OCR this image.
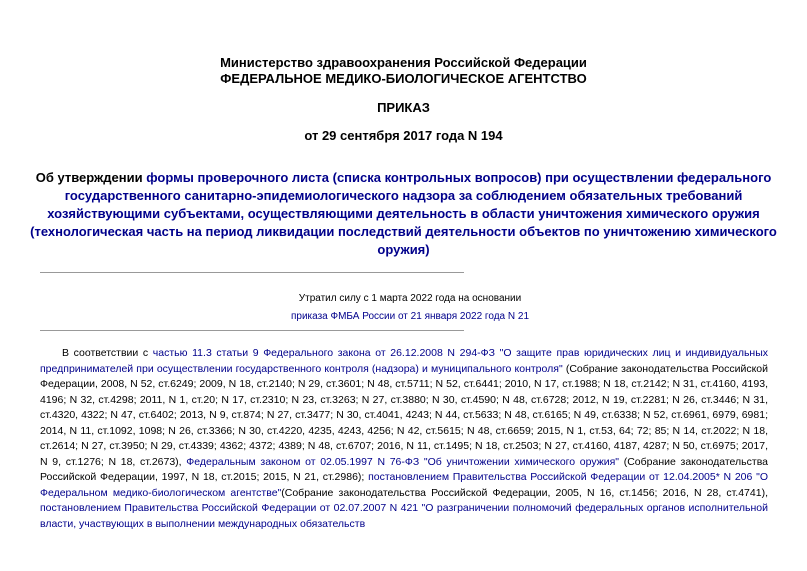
Министерство здравоохранения Российской Федерации
ФЕДЕРАЛЬНОЕ МЕДИКО-БИОЛОГИЧЕСКОЕ АГЕНТСТВО
ПРИКАЗ
от 29 сентября 2017 года N 194
Об утверждении формы проверочного листа (списка контрольных вопросов) при осуществлении федерального государственного санитарно-эпидемиологического надзора за соблюдением обязательных требований хозяйствующими субъектами, осуществляющими деятельность в области уничтожения химического оружия (технологическая часть на период ликвидации последствий деятельности объектов по уничтожению химического оружия)
Утратил силу с 1 марта 2022 года на основании
приказа ФМБА России от 21 января 2022 года N 21
В соответствии с частью 11.3 статьи 9 Федерального закона от 26.12.2008 N 294-ФЗ "О защите прав юридических лиц и индивидуальных предпринимателей при осуществлении государственного контроля (надзора) и муниципального контроля" (Собрание законодательства Российской Федерации, 2008, N 52, ст.6249; 2009, N 18, ст.2140; N 29, ст.3601; N 48, ст.5711; N 52, ст.6441; 2010, N 17, ст.1988; N 18, ст.2142; N 31, ст.4160, 4193, 4196; N 32, ст.4298; 2011, N 1, ст.20; N 17, ст.2310; N 23, ст.3263; N 27, ст.3880; N 30, ст.4590; N 48, ст.6728; 2012, N 19, ст.2281; N 26, ст.3446; N 31, ст.4320, 4322; N 47, ст.6402; 2013, N 9, ст.874; N 27, ст.3477; N 30, ст.4041, 4243; N 44, ст.5633; N 48, ст.6165; N 49, ст.6338; N 52, ст.6961, 6979, 6981; 2014, N 11, ст.1092, 1098; N 26, ст.3366; N 30, ст.4220, 4235, 4243, 4256; N 42, ст.5615; N 48, ст.6659; 2015, N 1, ст.53, 64; 72; 85; N 14, ст.2022; N 18, ст.2614; N 27, ст.3950; N 29, ст.4339; 4362; 4372; 4389; N 48, ст.6707; 2016, N 11, ст.1495; N 18, ст.2503; N 27, ст.4160, 4187, 4287; N 50, ст.6975; 2017, N 9, ст.1276; N 18, ст.2673), Федеральным законом от 02.05.1997 N 76-ФЗ "Об уничтожении химического оружия" (Собрание законодательства Российской Федерации, 1997, N 18, ст.2015; 2015, N 21, ст.2986); постановлением Правительства Российской Федерации от 12.04.2005* N 206 "О Федеральном медико-биологическом агентстве"(Собрание законодательства Российской Федерации, 2005, N 16, ст.1456; 2016, N 28, ст.4741), постановлением Правительства Российской Федерации от 02.07.2007 N 421 "О разграничении полномочий федеральных органов исполнительной власти, участвующих в выполнении международных обязательств
